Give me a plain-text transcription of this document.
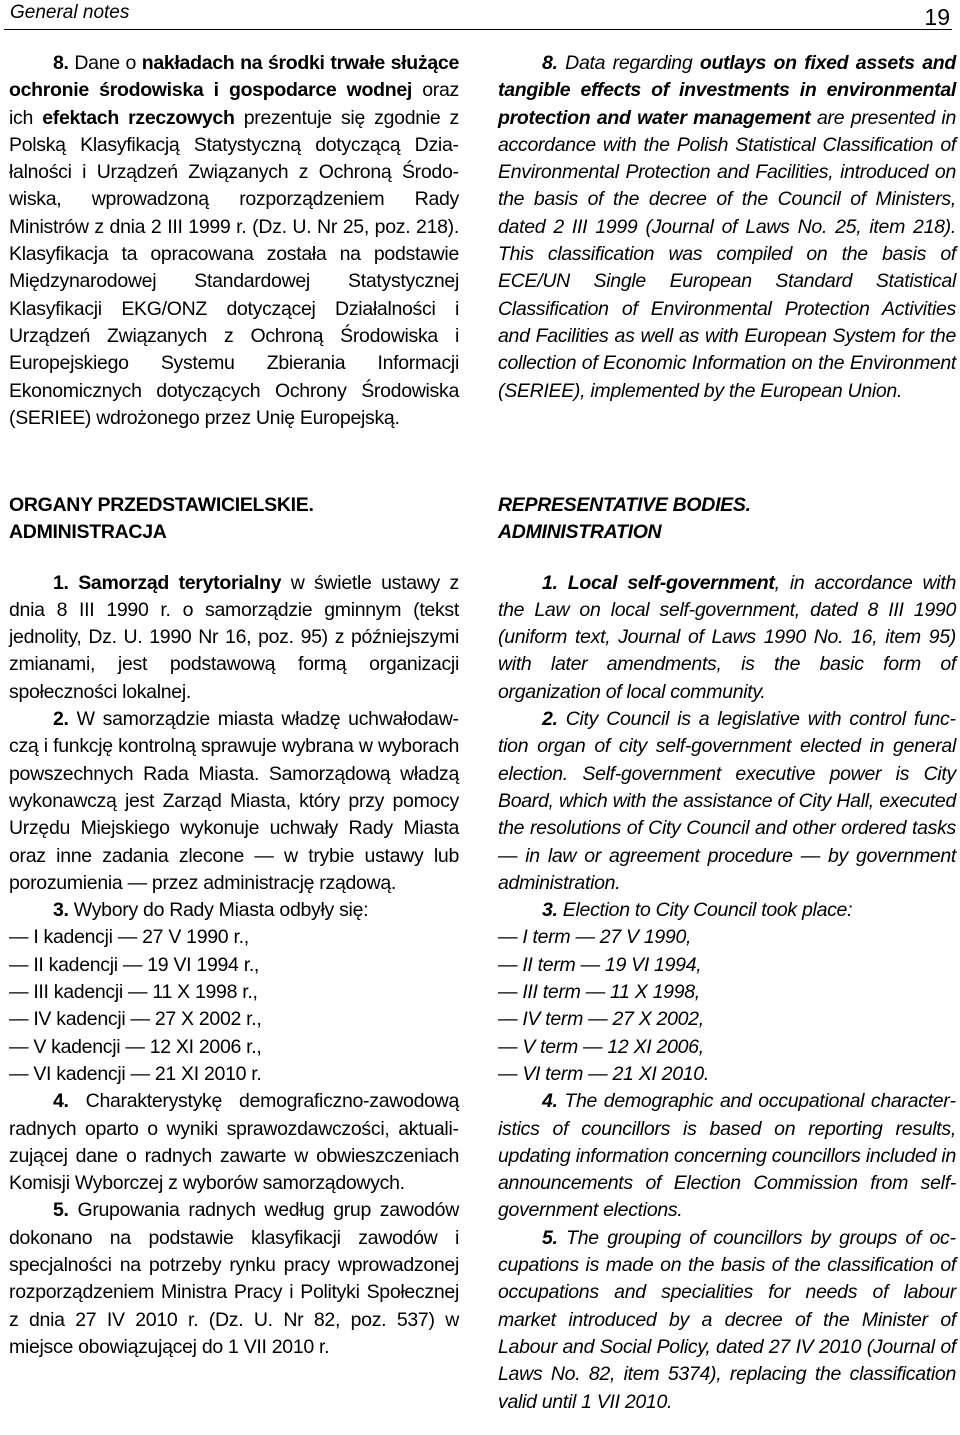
General notes	19

8. Dane o nakładach na środki trwałe służące ochronie środowiska i gospodarce wodnej oraz ich efektach rzeczowych prezentuje się zgodnie z Polską Klasyfikacją Statystyczną dotyczącą Działalności i Urządzeń Związanych z Ochroną Środowiska, wprowadzoną rozporządzeniem Rady Ministrów z dnia 2 III 1999 r. (Dz. U. Nr 25, poz. 218). Klasyfikacja ta opracowana została na podstawie Międzynarodowej Standardowej Statystycznej Klasyfikacji EKG/ONZ dotyczącej Działalności i Urządzeń Związanych z Ochroną Środowiska i Europejskiego Systemu Zbierania Informacji Ekonomicznych dotyczących Ochrony Środowiska (SERIEE) wdrożonego przez Unię Europejską.

8. Data regarding outlays on fixed assets and tangible effects of investments in environmental protection and water management are presented in accordance with the Polish Statistical Classification of Environmental Protection and Facilities, introduced on the basis of the decree of the Council of Ministers, dated 2 III 1999 (Journal of Laws No. 25, item 218). This classification was compiled on the basis of ECE/UN Single European Standard Statistical Classification of Environmental Protection Activities and Facilities as well as with European System for the collection of Economic Information on the Environment (SERIEE), implemented by the European Union.

ORGANY PRZEDSTAWICIELSKIE.

ADMINISTRACJA

1. Samorząd terytorialny w świetle ustawy z dnia 8 III 1990 r. o samorządzie gminnym (tekst jednolity, Dz. U. 1990 Nr 16, poz. 95) z późniejszymi zmianami, jest podstawową formą organizacji społeczności lokalnej.

2. W samorządzie miasta władzę uchwałodawczą i funkcję kontrolną sprawuje wybrana w wyborach powszechnych Rada Miasta. Samorządową władzą wykonawczą jest Zarząd Miasta, który przy pomocy Urzędu Miejskiego wykonuje uchwały Rady Miasta oraz inne zadania zlecone — w trybie ustawy lub porozumienia — przez administrację rządową.

3. Wybory do Rady Miasta odbyły się:

— I kadencji — 27 V 1990 r.,

— II kadencji — 19 VI 1994 r.,

— III kadencji — 11 X 1998 r.,

— IV kadencji — 27 X 2002 r.,

— V kadencji — 12 XI 2006 r.,

— VI kadencji — 21 XI 2010 r.

4. Charakterystykę demograficzno-zawodową radnych oparto o wyniki sprawozdawczości, aktualizującej dane o radnych zawarte w obwieszczeniach Komisji Wyborczej z wyborów samorządowych.

5. Grupowania radnych według grup zawodów dokonano na podstawie klasyfikacji zawodów i specjalności na potrzeby rynku pracy wprowadzonej rozporządzeniem Ministra Pracy i Polityki Społecznej z dnia 27 IV 2010 r. (Dz. U. Nr 82, poz. 537) w miejsce obowiązującej do 1 VII 2010 r.

REPRESENTATIVE BODIES.

ADMINISTRATION

1. Local self-government, in accordance with the Law on local self-government, dated 8 III 1990 (uniform text, Journal of Laws 1990 No. 16, item 95) with later amendments, is the basic form of organization of local community.

2. City Council is a legislative with control function organ of city self-government elected in general election. Self-government executive power is City Board, which with the assistance of City Hall, executed the resolutions of City Council and other ordered tasks — in law or agreement procedure — by government administration.

3. Election to City Council took place:

— I term — 27 V 1990,

— II term — 19 VI 1994,

— III term — 11 X 1998,

— IV term — 27 X 2002,

— V term — 12 XI 2006,

— VI term — 21 XI 2010.

4. The demographic and occupational characteristics of councillors is based on reporting results, updating information concerning councillors included in announcements of Election Commission from self-government elections.

5. The grouping of councillors by groups of occupations is made on the basis of the classification of occupations and specialities for needs of labour market introduced by a decree of the Minister of Labour and Social Policy, dated 27 IV 2010 (Journal of Laws No. 82, item 5374), replacing the classification valid until 1 VII 2010.
